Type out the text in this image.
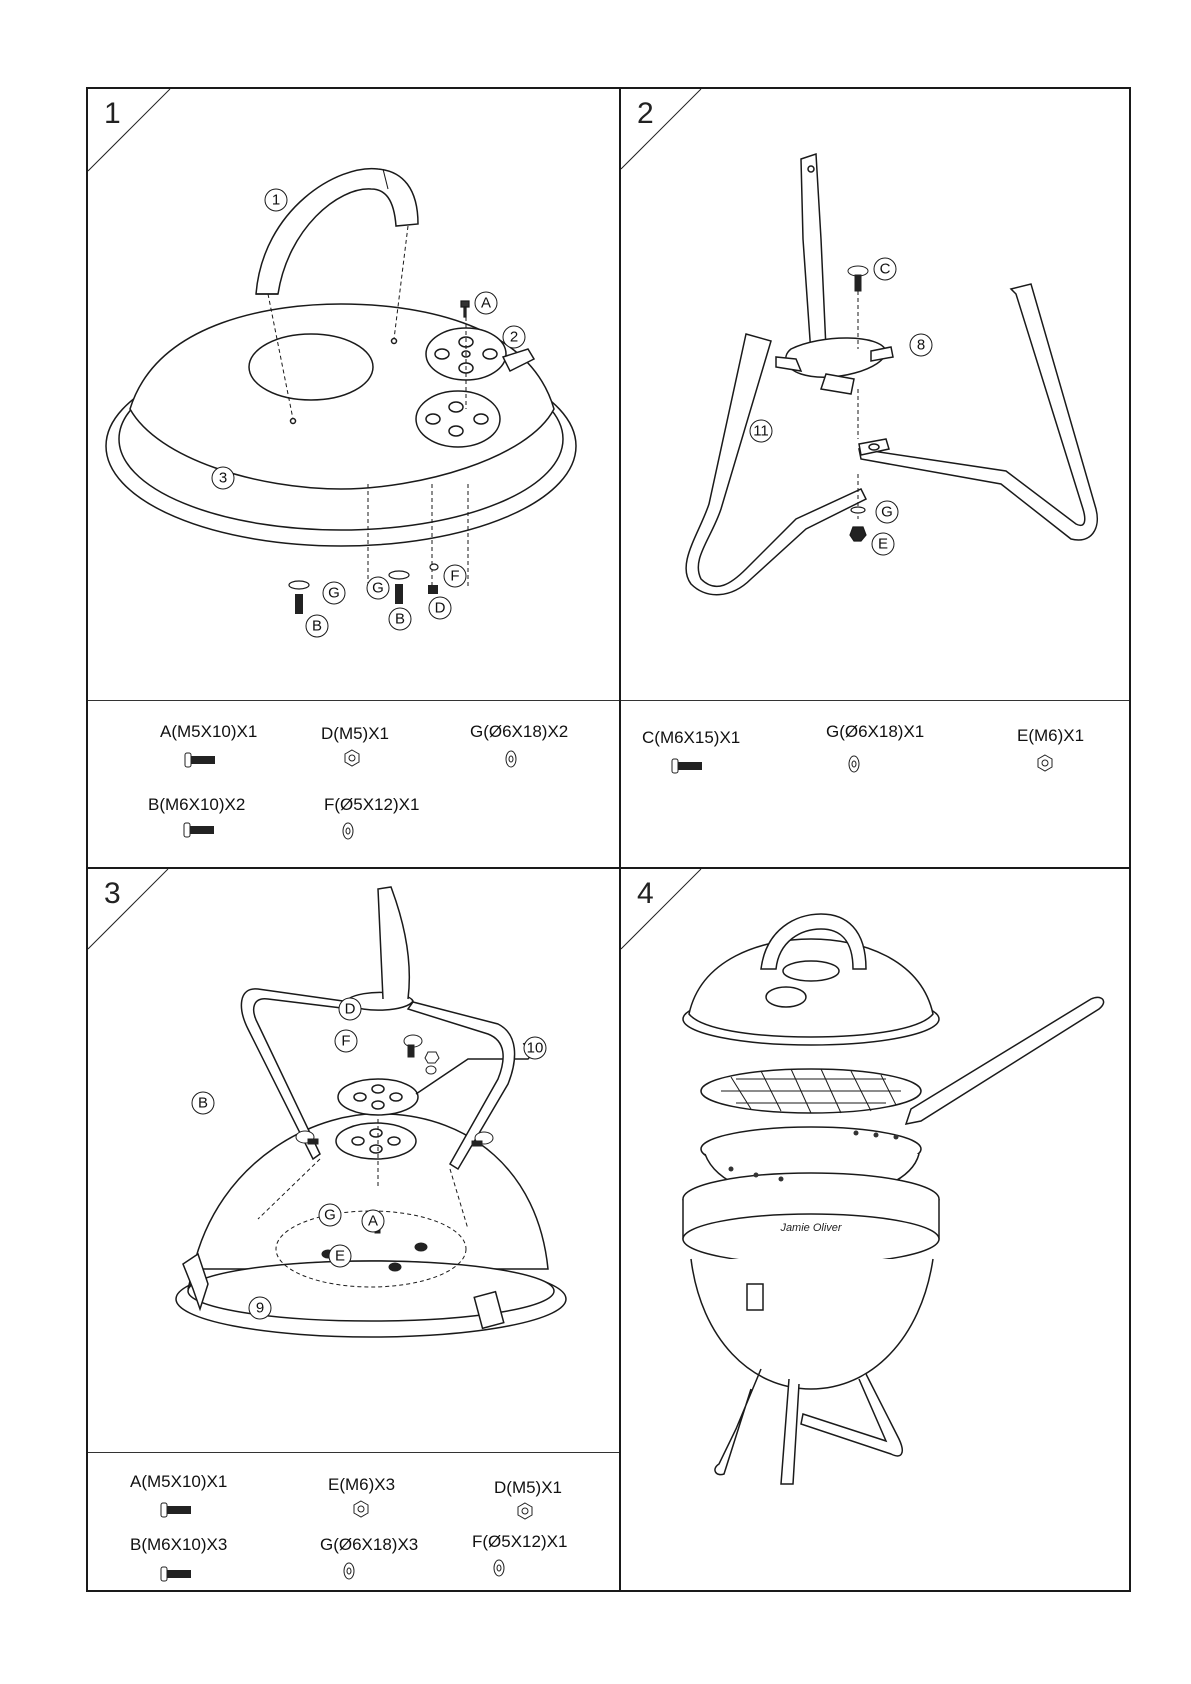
1	2
3	4
1
2
A
3
G G
F
B	B
D
A(M5X10)X1	D(M5)X1	G(Ø6X18)X2
B(M6X10)X2	F(Ø5X12)X1
C
8
11
G
E
C(M6X15)X1	G(Ø6X18)X1	E(M6)X1
D
F	10
B
G A
E
9
A(M5X10)X1	E(M6)X3	D(M5)X1
B(M6X10)X3	G(Ø6X18)X3	F(Ø5X12)X1
Jamie Oliver
